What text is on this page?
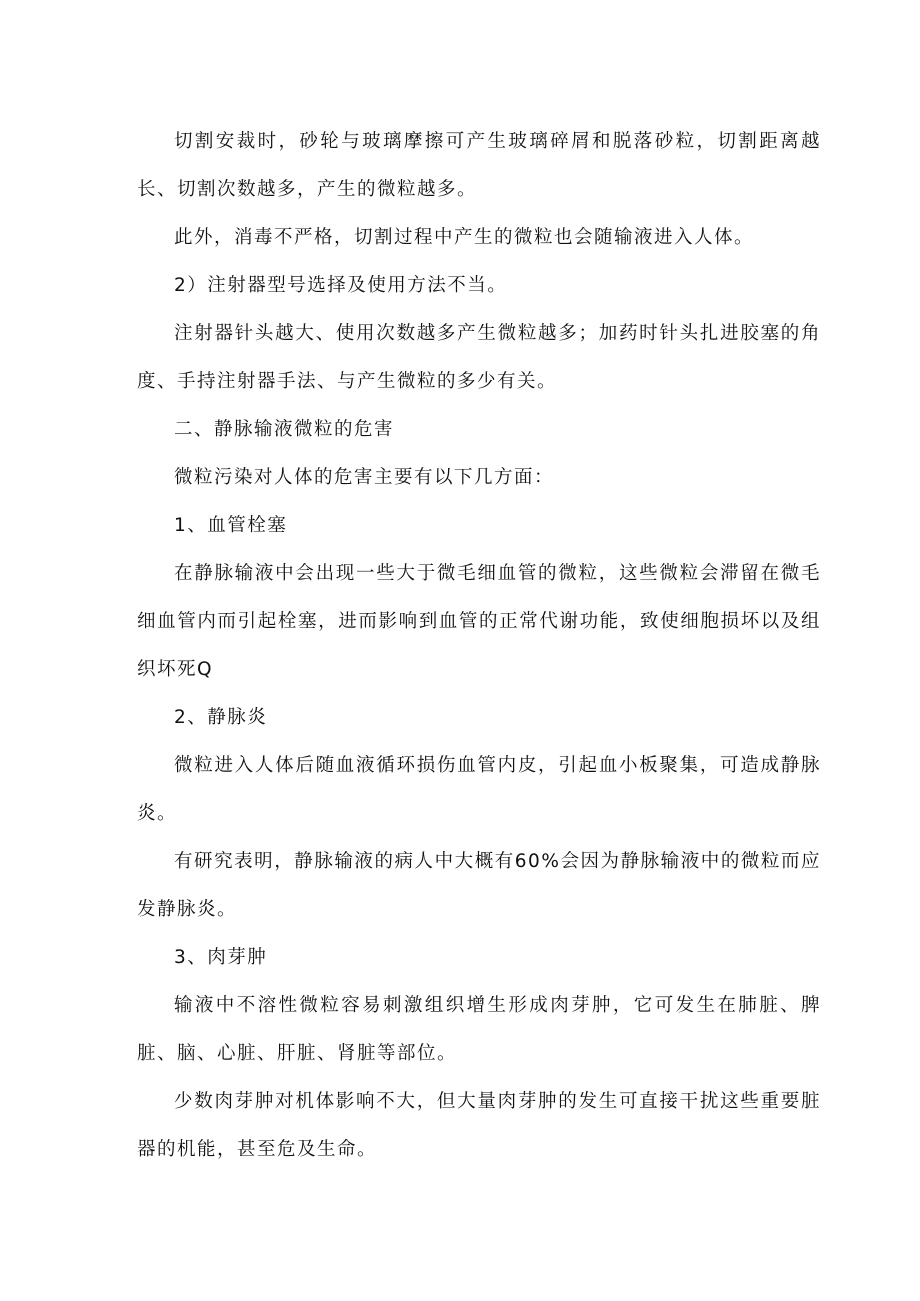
切割安裁时，砂轮与玻璃摩擦可产生玻璃碎屑和脱落砂粒，切割距离越长、切割次数越多，产生的微粒越多。

此外，消毒不严格，切割过程中产生的微粒也会随输液进入人体。

2）注射器型号选择及使用方法不当。

注射器针头越大、使用次数越多产生微粒越多；加药时针头扎进胶塞的角度、手持注射器手法、与产生微粒的多少有关。

二、静脉输液微粒的危害

微粒污染对人体的危害主要有以下几方面：

1、血管栓塞

在静脉输液中会出现一些大于微毛细血管的微粒，这些微粒会滞留在微毛细血管内而引起栓塞，进而影响到血管的正常代谢功能，致使细胞损坏以及组织坏死Q

2、静脉炎

微粒进入人体后随血液循环损伤血管内皮，引起血小板聚集，可造成静脉炎。

有研究表明，静脉输液的病人中大概有60%会因为静脉输液中的微粒而应发静脉炎。

3、肉芽肿

输液中不溶性微粒容易刺激组织增生形成肉芽肿，它可发生在肺脏、脾脏、脑、心脏、肝脏、肾脏等部位。

少数肉芽肿对机体影响不大，但大量肉芽肿的发生可直接干扰这些重要脏器的机能，甚至危及生命。
